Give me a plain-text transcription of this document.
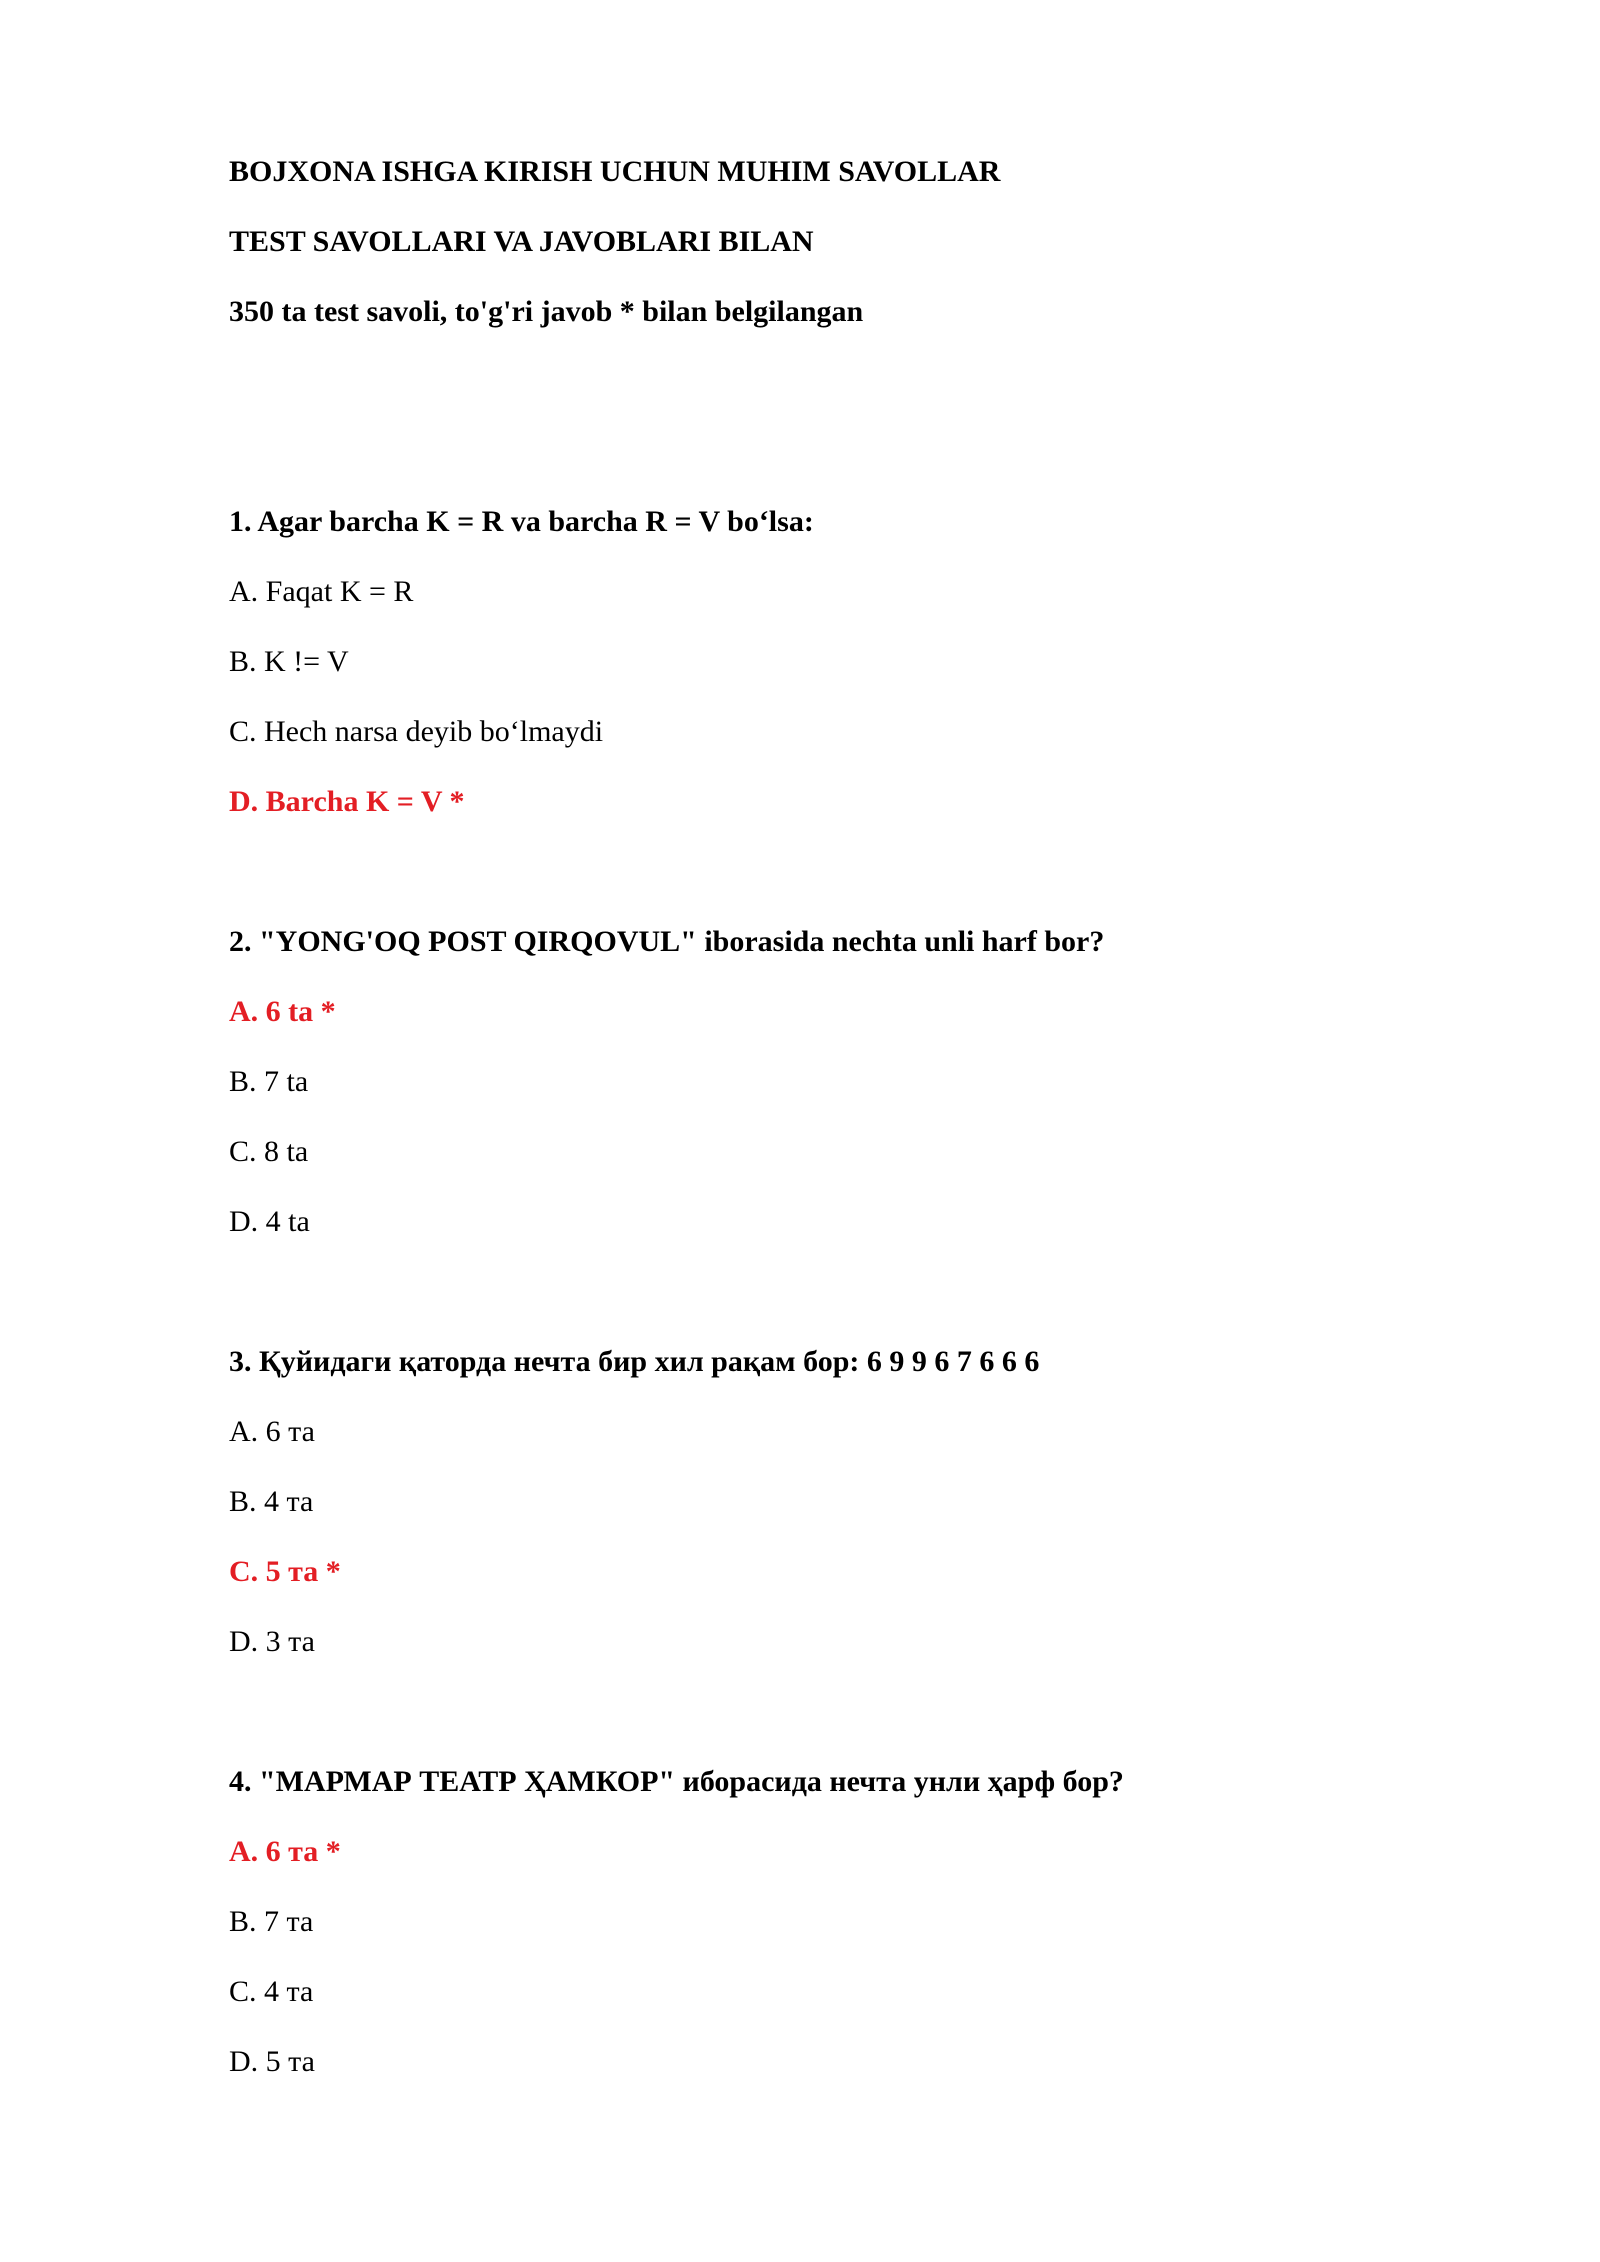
BOJXONA ISHGA KIRISH UCHUN MUHIM SAVOLLAR
TEST SAVOLLARI VA JAVOBLARI BILAN
350 ta test savoli, to'g'ri javob * bilan belgilangan
1. Agar barcha K = R va barcha R = V bo‘lsa:
A. Faqat K = R
B. K != V
C. Hech narsa deyib bo‘lmaydi
D. Barcha K = V *
2. "YONG'OQ POST QIRQOVUL" iborasida nechta unli harf bor?
A. 6 ta *
B. 7 ta
C. 8 ta
D. 4 ta
3. Қуйидаги қаторда нечта бир хил рақам бор: 6 9 9 6 7 6 6 6
A. 6 та
B. 4 та
C. 5 та *
D. 3 та
4. "МАРМАР ТЕАТР ҲАМКОР" иборасида нечта унли ҳарф бор?
A. 6 та *
B. 7 та
C. 4 та
D. 5 та
